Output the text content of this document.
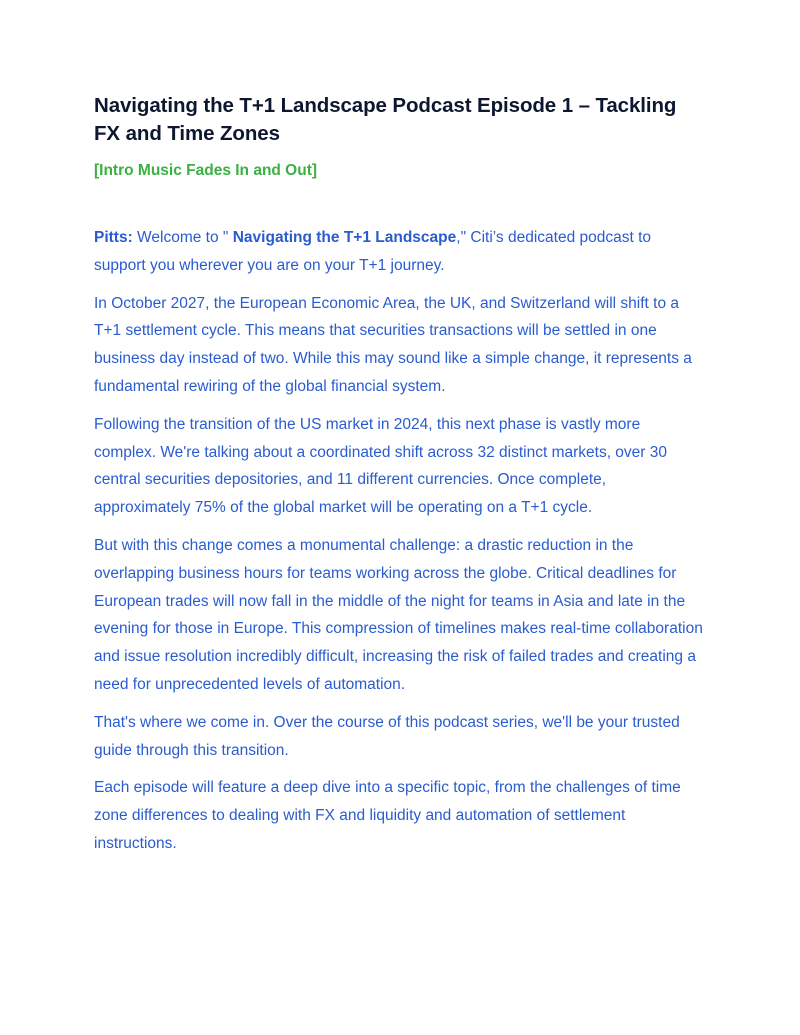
Navigating the T+1 Landscape Podcast Episode 1 – Tackling FX and Time Zones

[Intro Music Fades In and Out]

Pitts: Welcome to " Navigating the T+1 Landscape," Citi’s dedicated podcast to support you wherever you are on your T+1 journey.

In October 2027, the European Economic Area, the UK, and Switzerland will shift to a T+1 settlement cycle. This means that securities transactions will be settled in one business day instead of two. While this may sound like a simple change, it represents a fundamental rewiring of the global financial system.

Following the transition of the US market in 2024, this next phase is vastly more complex. We're talking about a coordinated shift across 32 distinct markets, over 30 central securities depositories, and 11 different currencies. Once complete, approximately 75% of the global market will be operating on a T+1 cycle.

But with this change comes a monumental challenge: a drastic reduction in the overlapping business hours for teams working across the globe. Critical deadlines for European trades will now fall in the middle of the night for teams in Asia and late in the evening for those in Europe. This compression of timelines makes real-time collaboration and issue resolution incredibly difficult, increasing the risk of failed trades and creating a need for unprecedented levels of automation.

That's where we come in. Over the course of this podcast series, we'll be your trusted guide through this transition.

Each episode will feature a deep dive into a specific topic, from the challenges of time zone differences to dealing with FX and liquidity and automation of settlement instructions.
